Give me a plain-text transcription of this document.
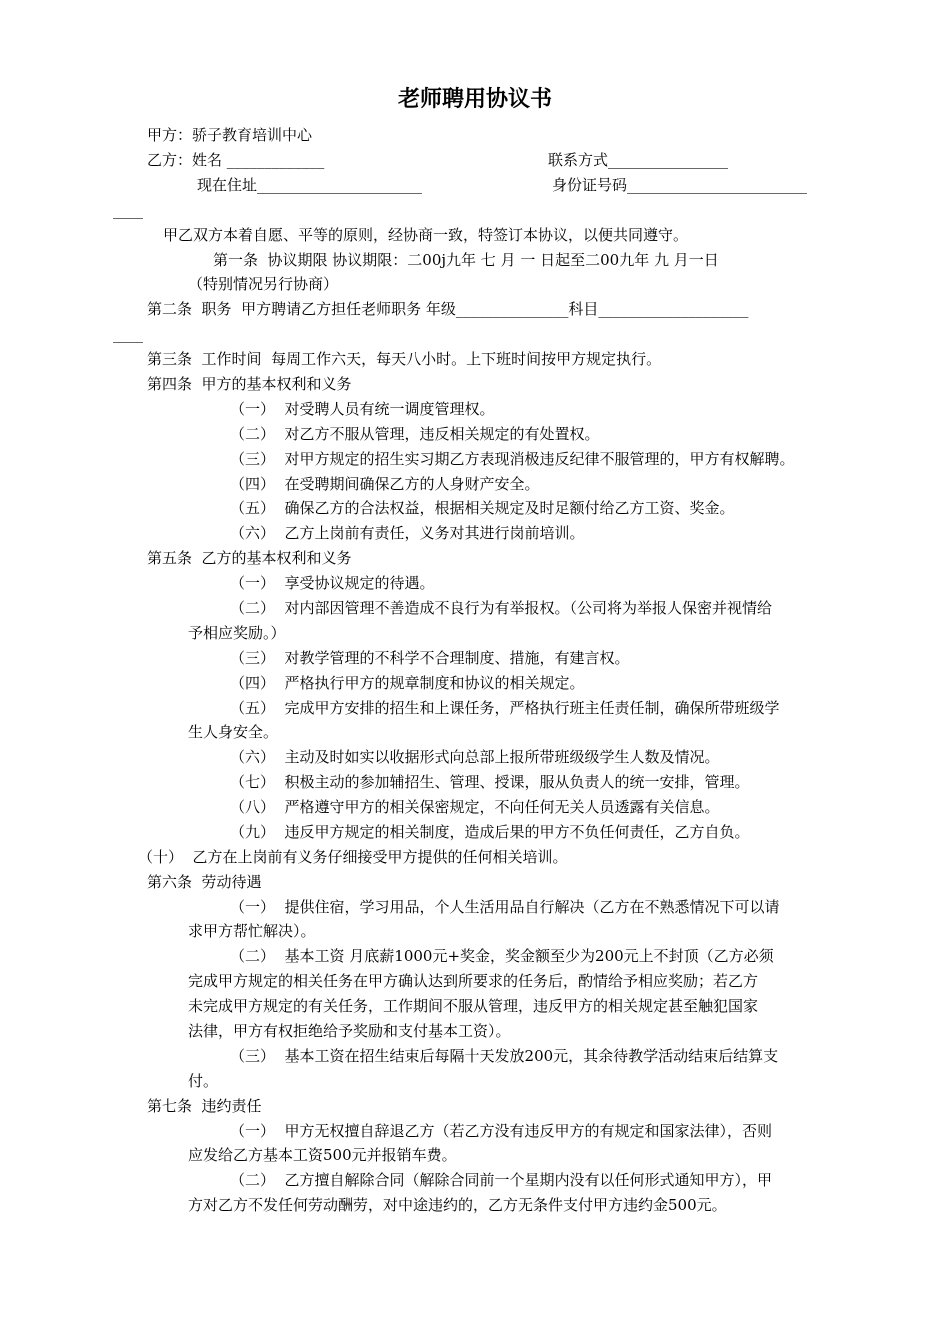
老师聘用协议书
甲方：骄子教育培训中心
乙方：姓名 _____________	联系方式________________
现在住址______________________	身份证号码________________________
____
甲乙双方本着自愿、平等的原则，经协商一致，特签订本协议，以便共同遵守。
第一条  协议期限 协议期限：二00j九年 七 月 一 日起至二00九年 九 月一日
（特别情况另行协商）
第二条  职务  甲方聘请乙方担任老师职务 年级_______________科目____________________
____
第三条  工作时间  每周工作六天，每天八小时。上下班时间按甲方规定执行。
第四条  甲方的基本权利和义务
（一）  对受聘人员有统一调度管理权。
（二）  对乙方不服从管理，违反相关规定的有处置权。
（三）  对甲方规定的招生实习期乙方表现消极违反纪律不服管理的，甲方有权解聘。
（四）  在受聘期间确保乙方的人身财产安全。
（五）  确保乙方的合法权益，根据相关规定及时足额付给乙方工资、奖金。
（六）  乙方上岗前有责任，义务对其进行岗前培训。
第五条  乙方的基本权利和义务
（一）  享受协议规定的待遇。
（二）  对内部因管理不善造成不良行为有举报权。（公司将为举报人保密并视情给
予相应奖励。）
（三）  对教学管理的不科学不合理制度、措施，有建言权。
（四）  严格执行甲方的规章制度和协议的相关规定。
（五）  完成甲方安排的招生和上课任务，严格执行班主任责任制，确保所带班级学
生人身安全。
（六）  主动及时如实以收据形式向总部上报所带班级级学生人数及情况。
（七）  积极主动的参加辅招生、管理、授课，服从负责人的统一安排，管理。
（八）  严格遵守甲方的相关保密规定，不向任何无关人员透露有关信息。
（九）  违反甲方规定的相关制度，造成后果的甲方不负任何责任，乙方自负。
（十）  乙方在上岗前有义务仔细接受甲方提供的任何相关培训。
第六条  劳动待遇
（一）  提供住宿，学习用品，个人生活用品自行解决（乙方在不熟悉情况下可以请
求甲方帮忙解决）。
（二）  基本工资 月底薪1000元+奖金，奖金额至少为200元上不封顶（乙方必须
完成甲方规定的相关任务在甲方确认达到所要求的任务后，酌情给予相应奖励；若乙方
未完成甲方规定的有关任务，工作期间不服从管理，违反甲方的相关规定甚至触犯国家
法律，甲方有权拒绝给予奖励和支付基本工资）。
（三）  基本工资在招生结束后每隔十天发放200元，其余待教学活动结束后结算支
付。
第七条  违约责任
（一）  甲方无权擅自辞退乙方（若乙方没有违反甲方的有规定和国家法律），否则
应发给乙方基本工资500元并报销车费。
（二）  乙方擅自解除合同（解除合同前一个星期内没有以任何形式通知甲方），甲
方对乙方不发任何劳动酬劳，对中途违约的，乙方无条件支付甲方违约金500元。
